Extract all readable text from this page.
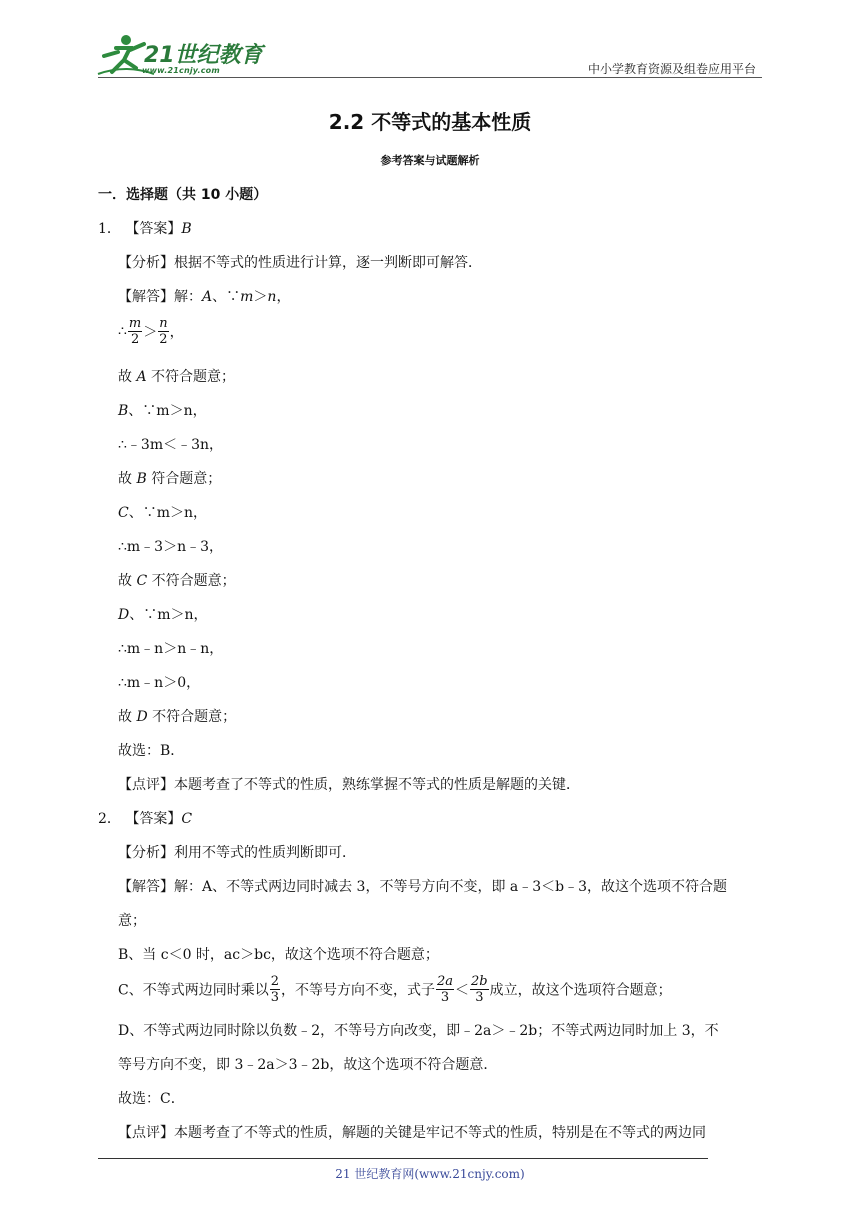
21世纪教育
www.21cnjy.com	中小学教育资源及组卷应用平台
2.2 不等式的基本性质
参考答案与试题解析
一．选择题（共 10 小题）
1． 【答案】B
【分析】根据不等式的性质进行计算，逐一判断即可解答．
【解答】解：A、∵m＞n，
∴ $\frac{m}{2} > \frac{n}{2}$ ，
故 A 不符合题意；
B、∵m＞n，
∴﹣3m＜﹣3n，
故 B 符合题意；
C、∵m＞n，
∴m﹣3＞n﹣3，
故 C 不符合题意；
D、∵m＞n，
∴m﹣n＞n﹣n，
∴m﹣n＞0，
故 D 不符合题意；
故选：B．
【点评】本题考查了不等式的性质，熟练掌握不等式的性质是解题的关键．
2． 【答案】C
【分析】利用不等式的性质判断即可．
【解答】解：A、不等式两边同时减去 3，不等号方向不变，即 a﹣3＜b﹣3，故这个选项不符合题
意；
B、当 c＜0 时，ac＞bc，故这个选项不符合题意；
C、不等式两边同时乘以 $\frac{2}{3}$ ，不等号方向不变，式子 $\frac{2a}{3} < \frac{2b}{3}$ 成立，故这个选项符合题意；
D、不等式两边同时除以负数﹣2，不等号方向改变，即﹣2a＞﹣2b；不等式两边同时加上 3，不
等号方向不变，即 3﹣2a＞3﹣2b，故这个选项不符合题意．
故选：C．
【点评】本题考查了不等式的性质，解题的关键是牢记不等式的性质，特别是在不等式的两边同
21 世纪教育网(www.21cnjy.com)
